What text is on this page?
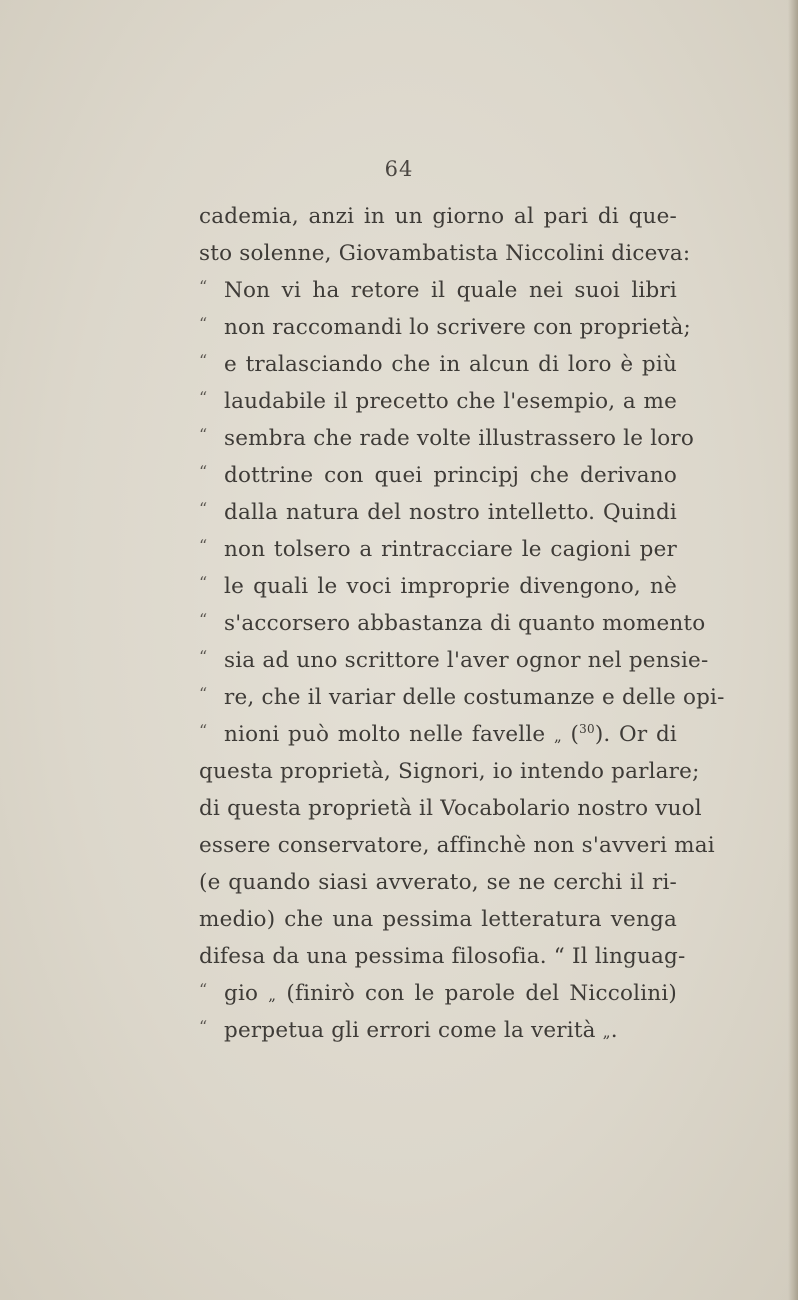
64
cademia, anzi in un giorno al pari di que-
sto solenne, Giovambatista Niccolini diceva:
“ Non vi ha retore il quale nei suoi libri
“ non raccomandi lo scrivere con proprietà;
“ e tralasciando che in alcun di loro è più
“ laudabile il precetto che l'esempio, a me
“ sembra che rade volte illustrassero le loro
“ dottrine con quei principj che derivano
“ dalla natura del nostro intelletto. Quindi
“ non tolsero a rintracciare le cagioni per
“ le quali le voci improprie divengono, nè
“ s'accorsero abbastanza di quanto momento
“ sia ad uno scrittore l'aver ognor nel pensie-
“ re, che il variar delle costumanze e delle opi-
“ nioni può molto nelle favelle „ ($^{30}$). Or di
questa proprietà, Signori, io intendo parlare;
di questa proprietà il Vocabolario nostro vuol
essere conservatore, affinchè non s'avveri mai
(e quando siasi avverato, se ne cerchi il ri-
medio) che una pessima letteratura venga
difesa da una pessima filosofia. “ Il linguag-
“ gio „ (finirò con le parole del Niccolini)
“ perpetua gli errori come la verità „.
